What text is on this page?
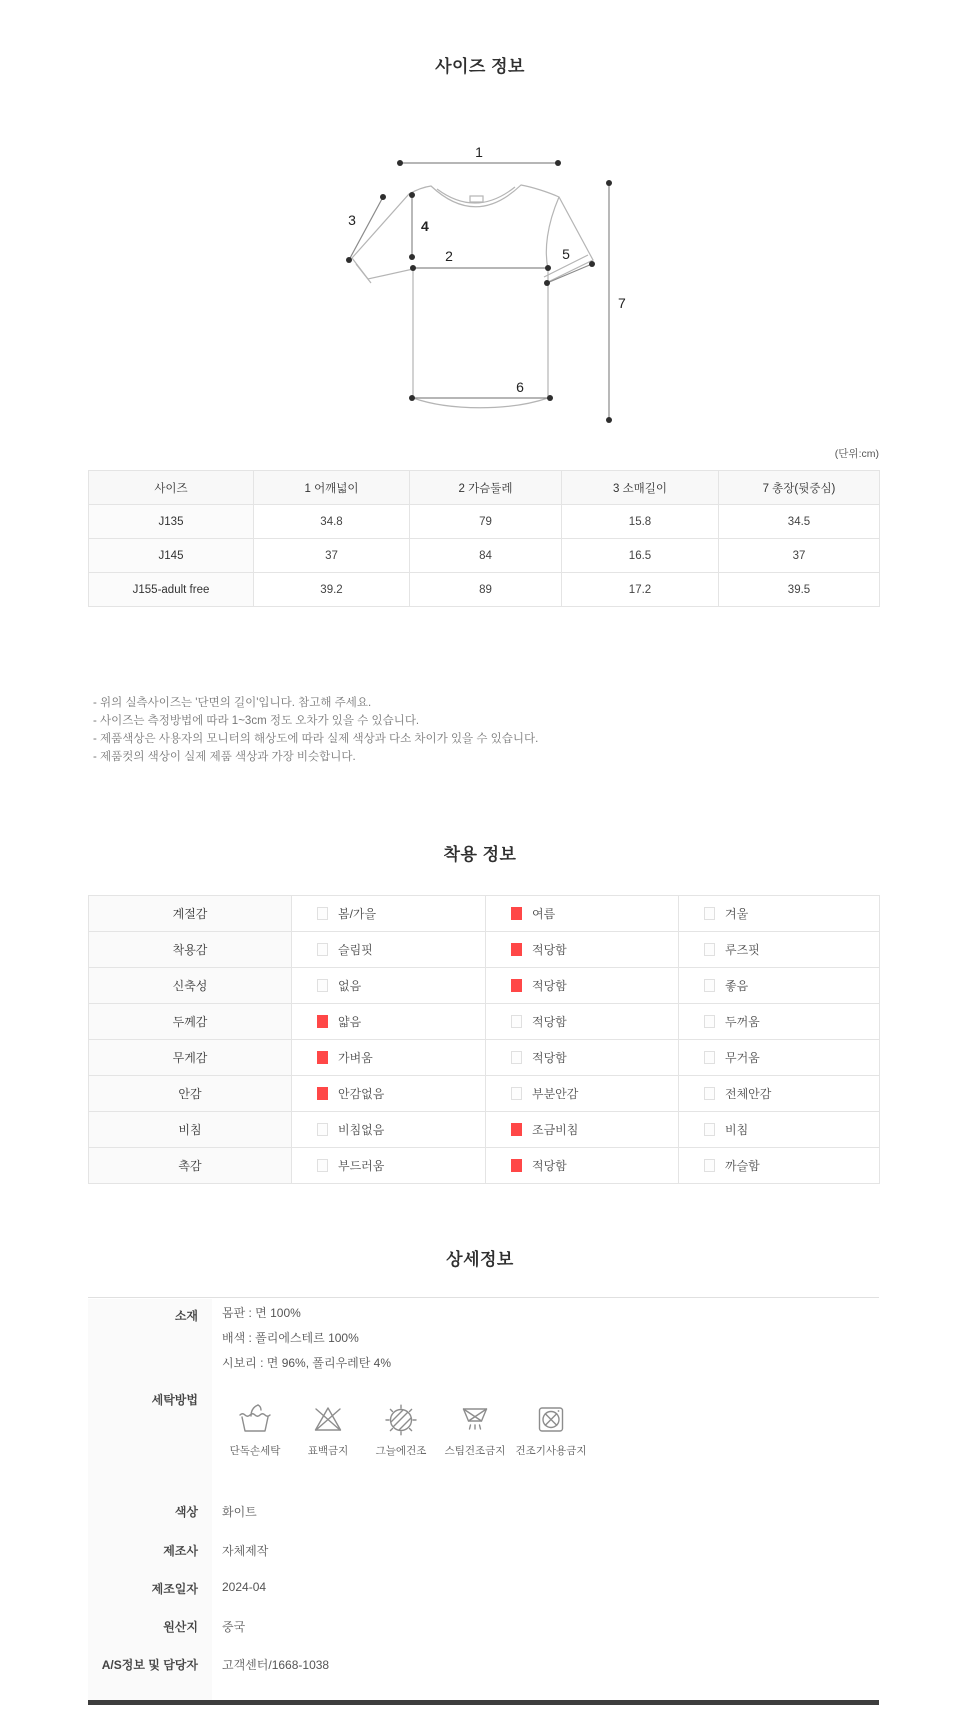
사이즈 정보
1
2
3	4
5
6
7
(단위:cm)
사이즈	1 어깨넓이	2 가슴둘레	3 소매길이	7 총장(뒷중심)
J135	34.8	79	15.8	34.5
J145	37	84	16.5	37
J155-adult free	39.2	89	17.2	39.5
- 위의 실측사이즈는 '단면의 길이'입니다. 참고해 주세요.
- 사이즈는 측정방법에 따라 1~3cm 정도 오차가 있을 수 있습니다.
- 제품색상은 사용자의 모니터의 해상도에 따라 실제 색상과 다소 차이가 있을 수 있습니다.
- 제품컷의 색상이 실제 제품 색상과 가장 비슷합니다.
착용 정보
계절감	봄/가을	여름	겨울

착용감	슬림핏	적당함	루즈핏

신축성	없음	적당함	좋음

두께감	얇음	적당함	두꺼움

무게감	가벼움	적당함	무거움

안감	안감없음	부분안감	전체안감

비침	비침없음	조금비침	비침

촉감	부드러움	적당함	까슬함
상세정보
소재	몸판 : 면 100%
배색 : 폴리에스테르 100%
시보리 : 면 96%, 폴리우레탄 4%
세탁방법
단독손세탁	표백금지	그늘에건조	스팀건조금지 건조기사용금지
색상	화이트
제조사	자체제작
제조일자	2024-04
원산지	중국
A/S정보 및 담당자	고객센터/1668-1038
